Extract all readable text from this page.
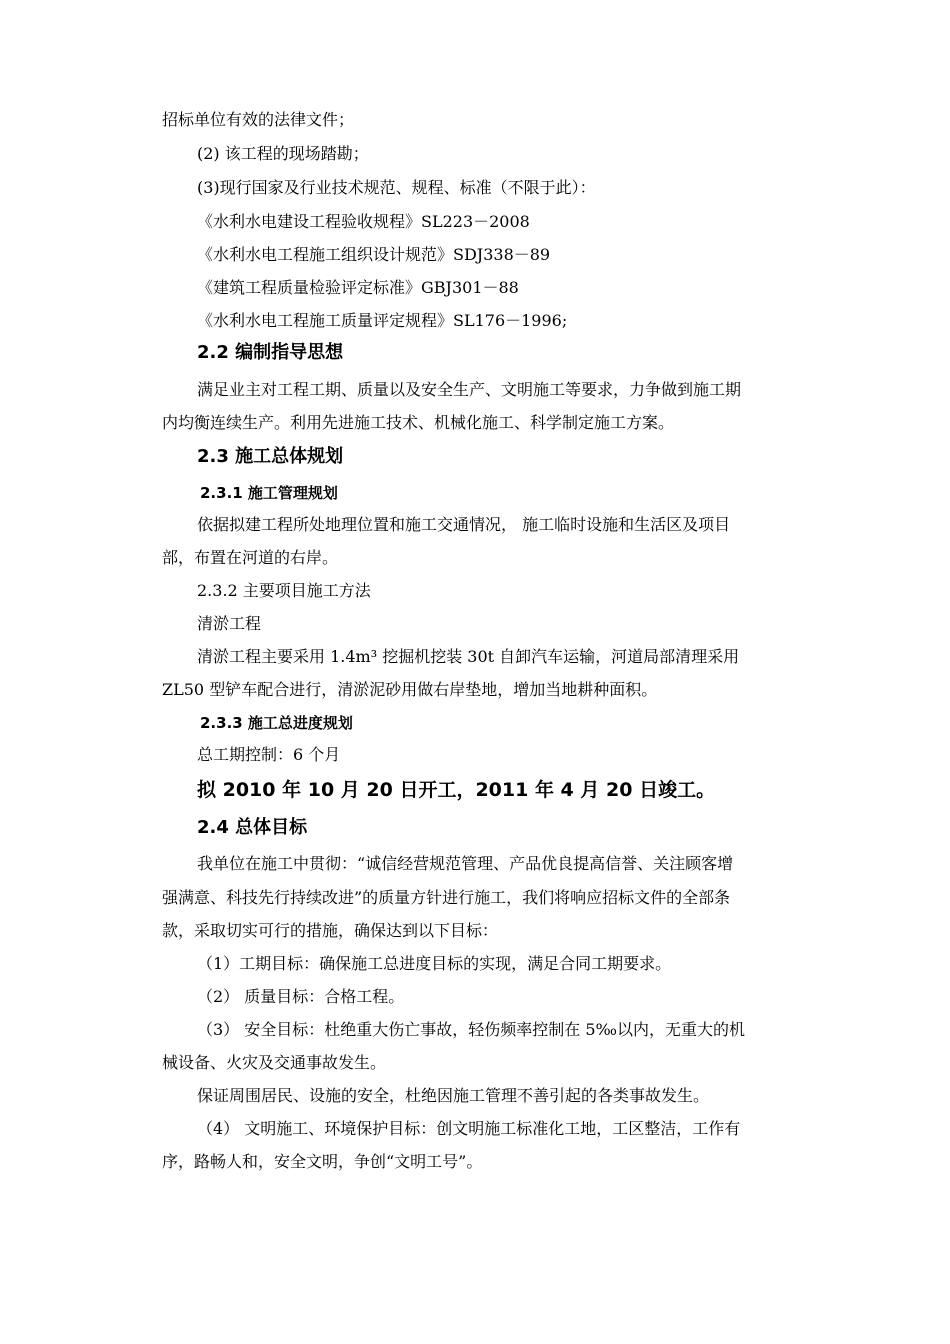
招标单位有效的法律文件；
(2) 该工程的现场踏勘；
(3)现行国家及行业技术规范、规程、标准（不限于此）：
《水利水电建设工程验收规程》SL223－2008
《水利水电工程施工组织设计规范》SDJ338－89
《建筑工程质量检验评定标准》GBJ301－88
《水利水电工程施工质量评定规程》SL176－1996;
2.2 编制指导思想
满足业主对工程工期、质量以及安全生产、文明施工等要求，力争做到施工期
内均衡连续生产。利用先进施工技术、机械化施工、科学制定施工方案。
2.3 施工总体规划
2.3.1 施工管理规划
依据拟建工程所处地理位置和施工交通情况， 施工临时设施和生活区及项目
部，布置在河道的右岸。
2.3.2 主要项目施工方法
清淤工程
清淤工程主要采用 1.4m³ 挖掘机挖装 30t 自卸汽车运输，河道局部清理采用
ZL50 型铲车配合进行，清淤泥砂用做右岸垫地，增加当地耕种面积。
2.3.3 施工总进度规划
总工期控制：6 个月
拟 2010 年 10 月 20 日开工，2011 年 4 月 20 日竣工。
2.4 总体目标
我单位在施工中贯彻：“诚信经营规范管理、产品优良提高信誉、关注顾客增
强满意、科技先行持续改进”的质量方针进行施工，我们将响应招标文件的全部条
款，采取切实可行的措施，确保达到以下目标：
（1）工期目标：确保施工总进度目标的实现，满足合同工期要求。
（2） 质量目标：合格工程。
（3） 安全目标：杜绝重大伤亡事故，轻伤频率控制在 5‰以内，无重大的机
械设备、火灾及交通事故发生。
保证周围居民、设施的安全，杜绝因施工管理不善引起的各类事故发生。
（4） 文明施工、环境保护目标：创文明施工标准化工地，工区整洁，工作有
序，路畅人和，安全文明，争创“文明工号”。
